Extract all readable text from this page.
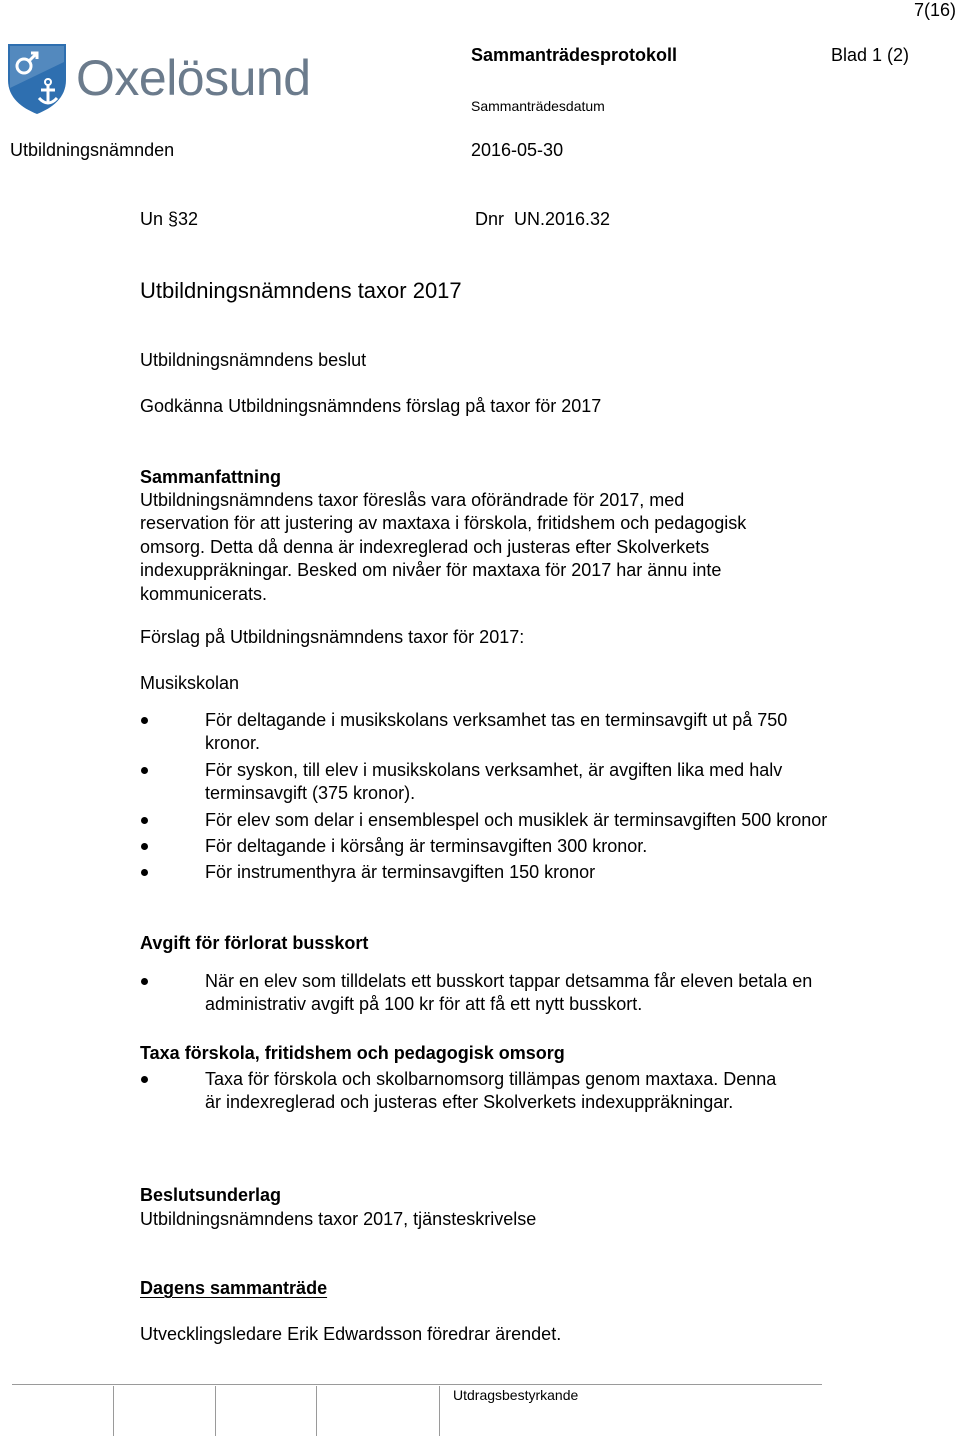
7(16)
Oxelösund	Sammanträdesprotokoll	Blad 1 (2)
Sammanträdesdatum
Utbildningsnämnden	2016-05-30
Un §32	Dnr  UN.2016.32
Utbildningsnämndens taxor 2017
Utbildningsnämndens beslut
Godkänna Utbildningsnämndens förslag på taxor för 2017
Sammanfattning
Utbildningsnämndens taxor föreslås vara oförändrade för 2017, med
reservation för att justering av maxtaxa i förskola, fritidshem och pedagogisk
omsorg. Detta då denna är indexreglerad och justeras efter Skolverkets
indexuppräkningar. Besked om nivåer för maxtaxa för 2017 har ännu inte
kommunicerats.
Förslag på Utbildningsnämndens taxor för 2017:
Musikskolan
För deltagande i musikskolans verksamhet tas en terminsavgift ut på 750 kronor.
För syskon, till elev i musikskolans verksamhet, är avgiften lika med halv terminsavgift (375 kronor).
För elev som delar i ensemblespel och musiklek är terminsavgiften 500 kronor
För deltagande i körsång är terminsavgiften 300 kronor.
För instrumenthyra är terminsavgiften 150 kronor
Avgift för förlorat busskort
När en elev som tilldelats ett busskort tappar detsamma får eleven betala en administrativ avgift på 100 kr för att få ett nytt busskort.
Taxa förskola, fritidshem och pedagogisk omsorg
Taxa för förskola och skolbarnomsorg tillämpas genom maxtaxa. Denna är indexreglerad och justeras efter Skolverkets indexuppräkningar.
Beslutsunderlag
Utbildningsnämndens taxor 2017, tjänsteskrivelse
Dagens sammanträde
Utvecklingsledare Erik Edwardsson föredrar ärendet.
Utdragsbestyrkande
